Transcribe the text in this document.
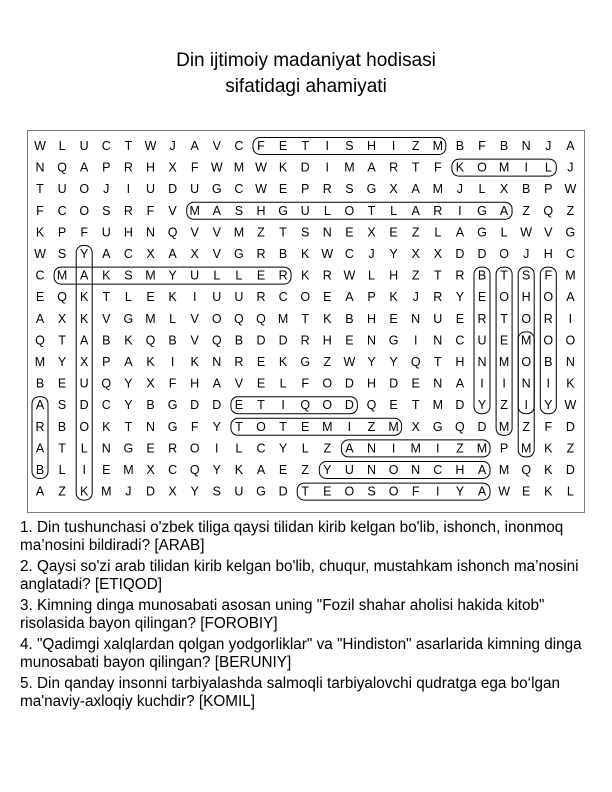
Din ijtimoiy madaniyat hodisasi
sifatidagi ahamiyati
W L U C T W J A V C F E T I S H I Z M B F B N J A
N Q A P R H X F W M W K D I M A R T F K O M I L J
T U O J I U D U G C W E P R S G X A M J L X B P W
F C O S R F V M A S H G U L O T L A R I G A Z Q Z
K P F U H N Q V V M Z T S N E X E Z L A G L W V G
W S Y A C X A X V G R B K W C J Y X X D D O J H C
C M A K S M Y U L L E R K R W L H Z T R B T S F M
E Q K T L E K I U U R C O E A P K J R Y E O H O A
A X K V G M L V O Q Q M T K B H E N U E R T O R I
Q T A B K Q B V Q B D D R H E N G I N C U E M O O
M Y X P A K I K N R E K G Z W Y Y Q T H N M O B N
B E U Q Y X F H A V E L F O D H D E N A I I N I K
A S D C Y B G D D E T I Q O D Q E T M D Y Z I Y W
R B O K T N G F Y T O T E M I Z M X G Q D M Z F D
A T L N G E R O I L C Y L Z A N I M I Z M P M K Z
B L I E M X C Q Y K A E Z Y U N O N C H A M Q K D
A Z K M J D X Y S U G D T E O S O F I Y A W E K L

1. Din tushunchasi o'zbek tiliga qaysi tilidan kirib kelgan bo'lib, ishonch, inonmoq ma’nosini bildiradi? [ARAB]

2. Qaysi so'zi arab tilidan kirib kelgan bo'lib, chuqur, mustahkam ishonch ma’nosini anglatadi? [ETIQOD]

3. Kimning dinga munosabati asosan uning "Fozil shahar aholisi hakida kitob" risolasida bayon qilingan? [FOROBIY]

4. "Qadimgi xalqlardan qolgan yodgorliklar" va "Hindiston" asarlarida kimning dinga munosabati bayon qilingan? [BERUNIY]

5. Din qanday insonni tarbiyalashda salmoqli tarbiyalovchi qudratga ega bo‘lgan ma'naviy-axloqiy kuchdir? [KOMIL]
